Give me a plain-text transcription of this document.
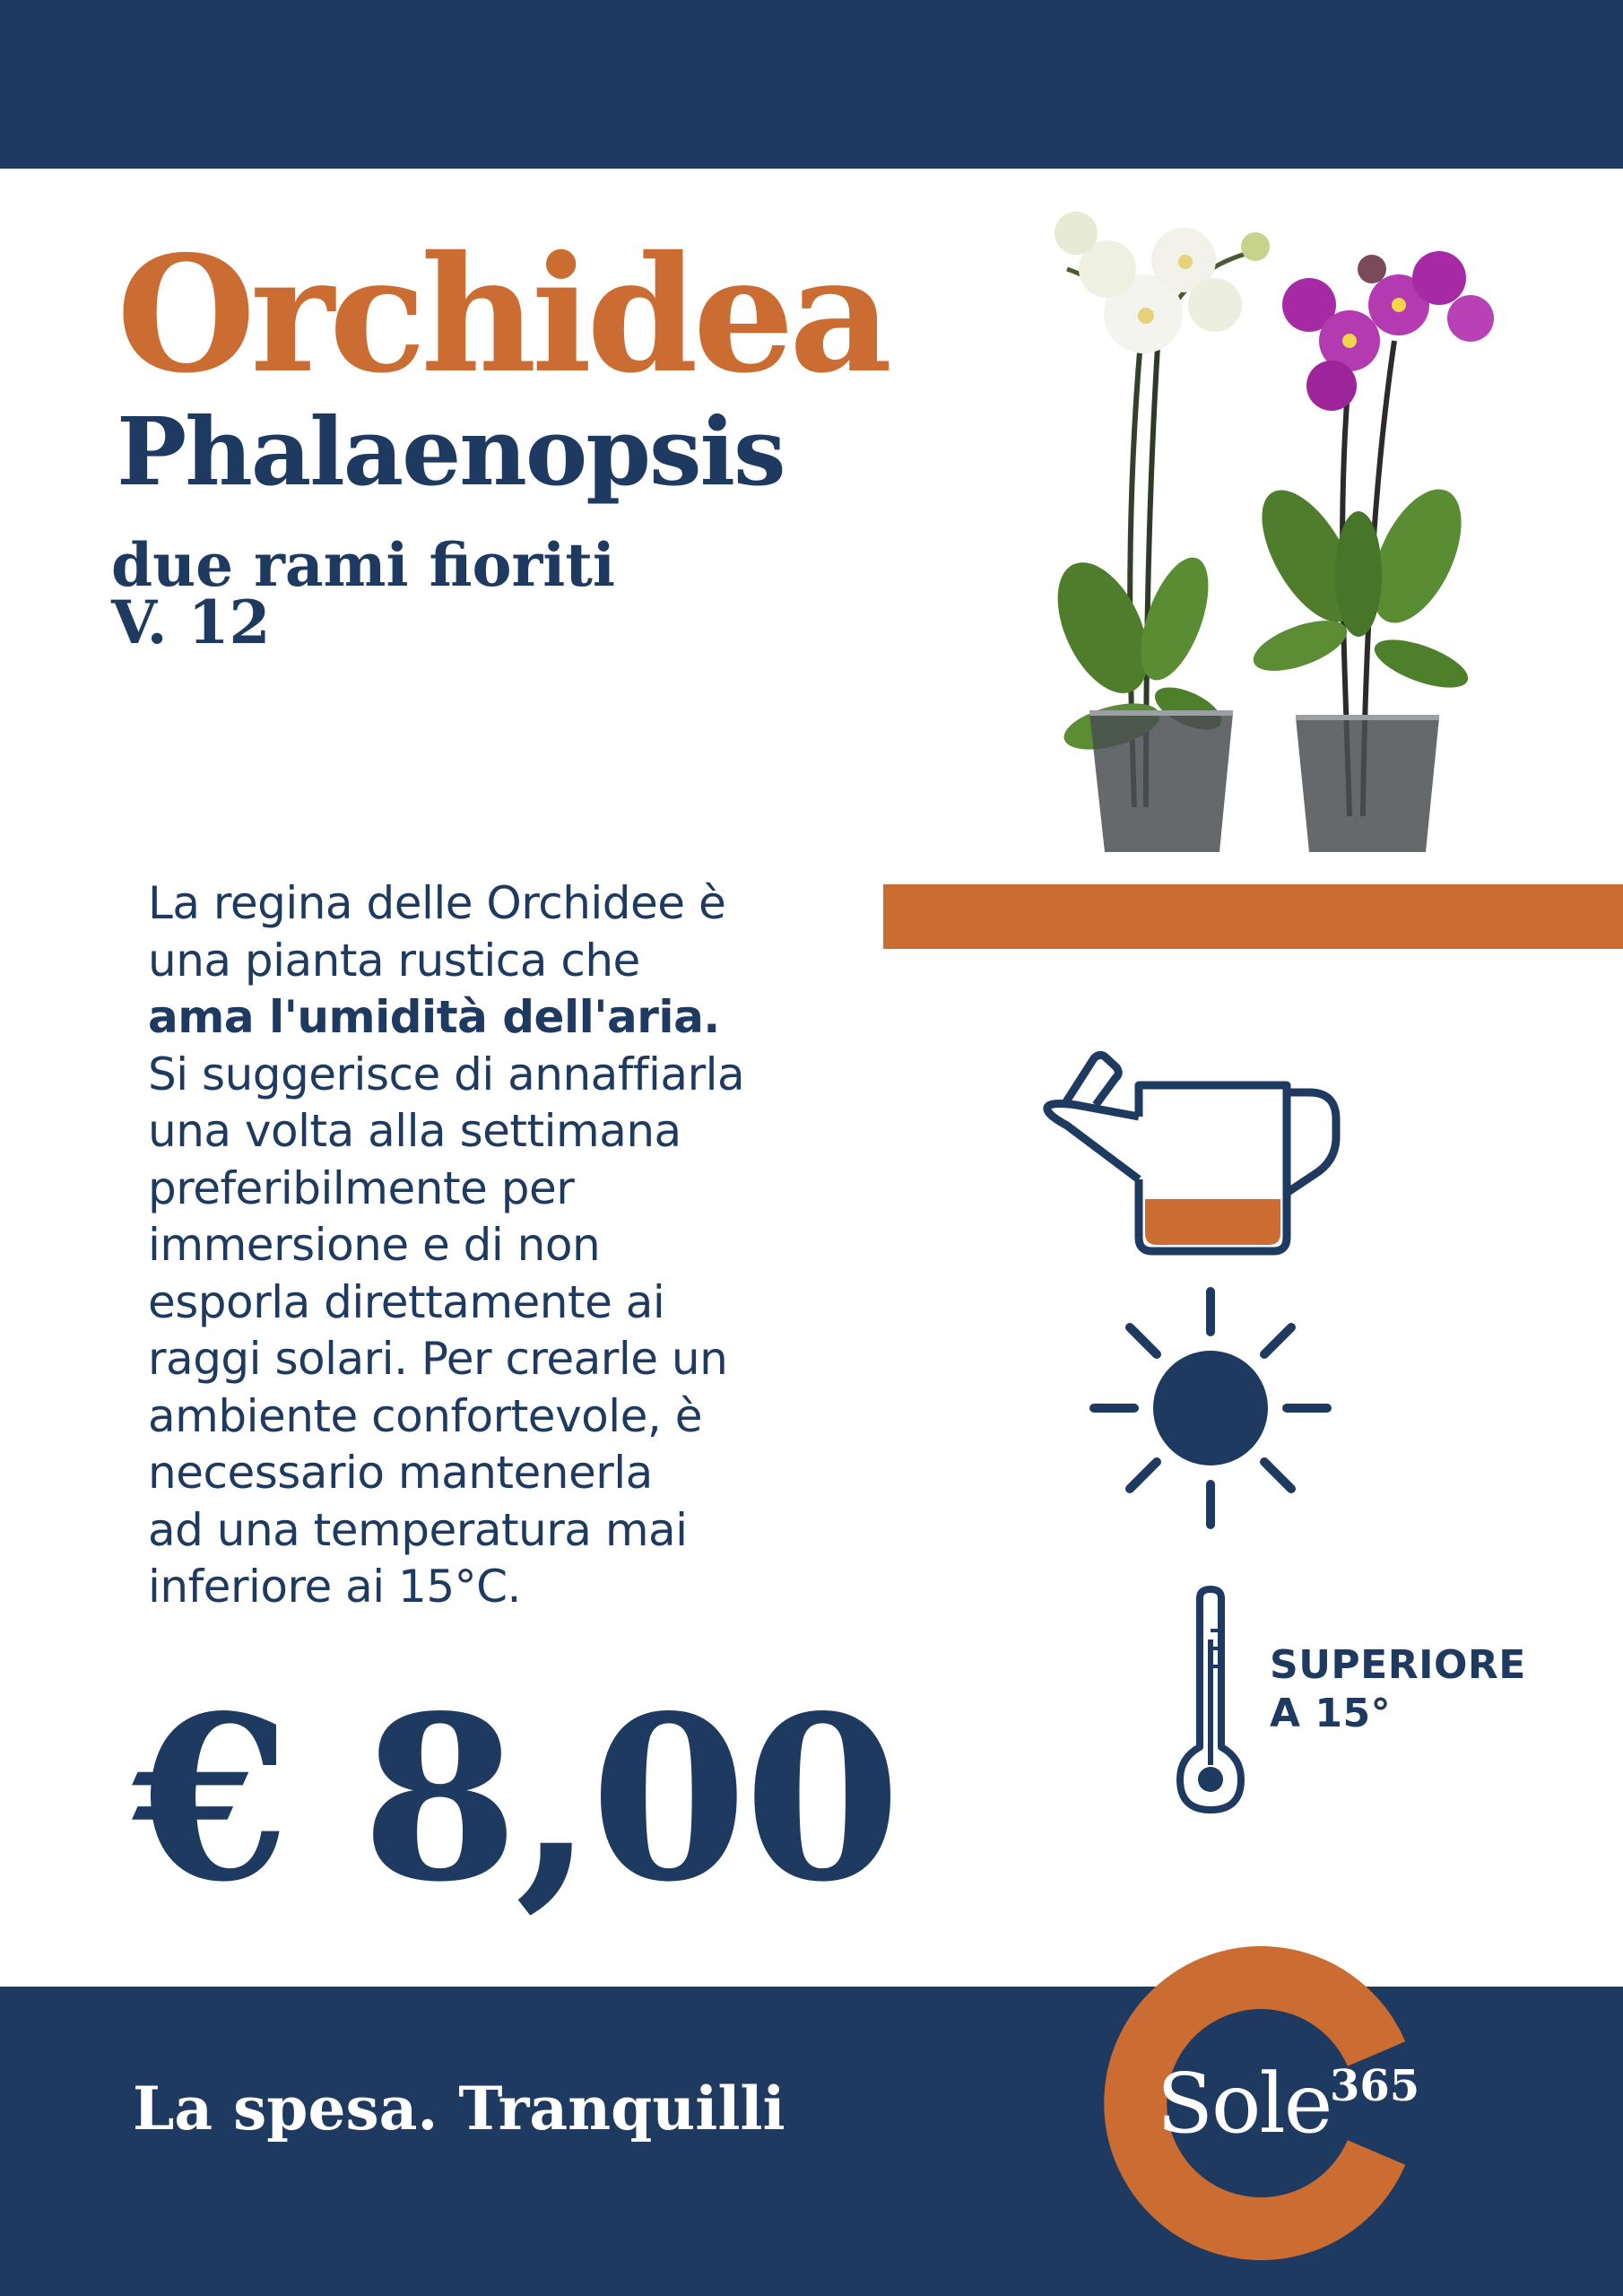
Orchidea
Phalaenopsis
due rami fioriti
V. 12
La regina delle Orchidee è
una pianta rustica che
ama l'umidità dell'aria.
Si suggerisce di annaffiarla
una volta alla settimana
preferibilmente per
immersione e di non
esporla direttamente ai
raggi solari. Per crearle un
ambiente confortevole, è
necessario mantenerla
ad una temperatura mai
inferiore ai 15°C.
SUPERIORE
A 15°
€ 8,00
La spesa. Tranquilli	Sole
365
